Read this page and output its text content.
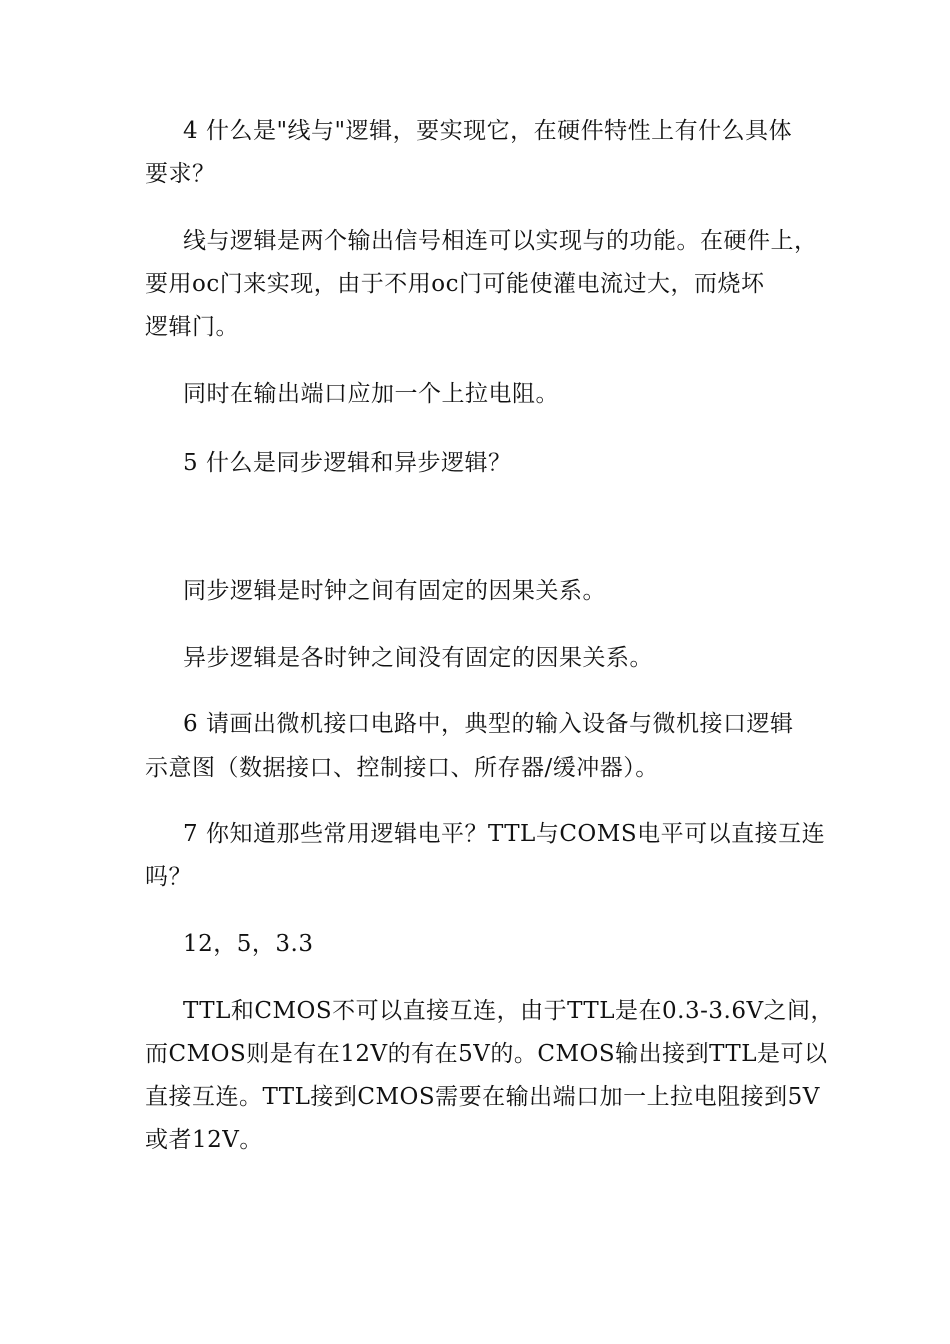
4 什么是"线与"逻辑，要实现它，在硬件特性上有什么具体
要求？
线与逻辑是两个输出信号相连可以实现与的功能。在硬件上，
要用oc门来实现，由于不用oc门可能使灌电流过大，而烧坏
逻辑门。
同时在输出端口应加一个上拉电阻。
5 什么是同步逻辑和异步逻辑？
同步逻辑是时钟之间有固定的因果关系。
异步逻辑是各时钟之间没有固定的因果关系。
6 请画出微机接口电路中，典型的输入设备与微机接口逻辑
示意图（数据接口、控制接口、所存器/缓冲器）。
7 你知道那些常用逻辑电平？TTL与COMS电平可以直接互连
吗？
12，5，3.3
TTL和CMOS不可以直接互连，由于TTL是在0.3-3.6V之间，
而CMOS则是有在12V的有在5V的。CMOS输出接到TTL是可以
直接互连。TTL接到CMOS需要在输出端口加一上拉电阻接到5V
或者12V。
